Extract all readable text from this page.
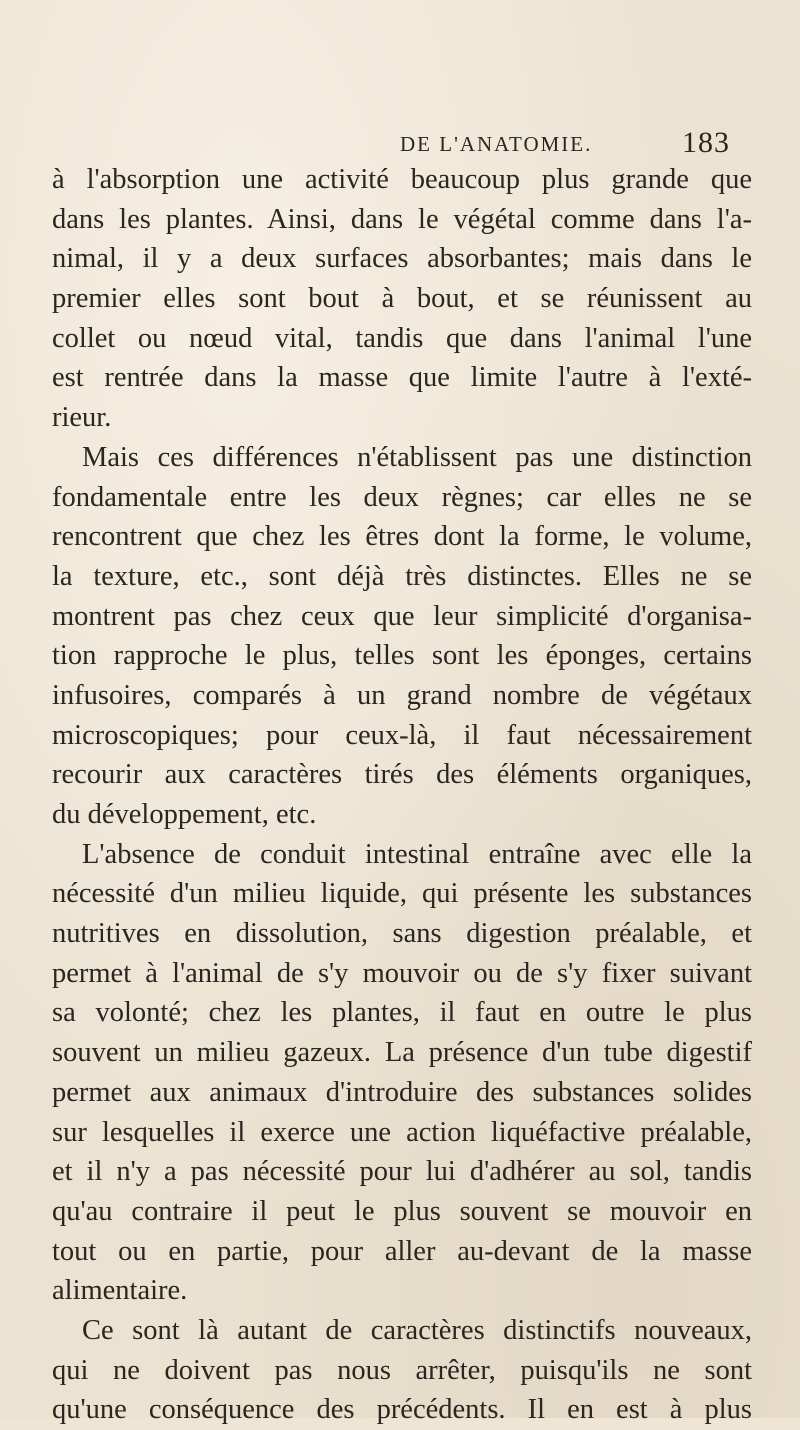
DE L'ANATOMIE.	183
à l'absorption une activité beaucoup plus grande que
dans les plantes. Ainsi, dans le végétal comme dans l'a-
nimal, il y a deux surfaces absorbantes; mais dans le
premier elles sont bout à bout, et se réunissent au
collet ou nœud vital, tandis que dans l'animal l'une
est rentrée dans la masse que limite l'autre à l'exté-
rieur.
Mais ces différences n'établissent pas une distinction
fondamentale entre les deux règnes; car elles ne se
rencontrent que chez les êtres dont la forme, le volume,
la texture, etc., sont déjà très distinctes. Elles ne se
montrent pas chez ceux que leur simplicité d'organisa-
tion rapproche le plus, telles sont les éponges, certains
infusoires, comparés à un grand nombre de végétaux
microscopiques; pour ceux-là, il faut nécessairement
recourir aux caractères tirés des éléments organiques,
du développement, etc.
L'absence de conduit intestinal entraîne avec elle la
nécessité d'un milieu liquide, qui présente les substances
nutritives en dissolution, sans digestion préalable, et
permet à l'animal de s'y mouvoir ou de s'y fixer suivant
sa volonté; chez les plantes, il faut en outre le plus
souvent un milieu gazeux. La présence d'un tube digestif
permet aux animaux d'introduire des substances solides
sur lesquelles il exerce une action liquéfactive préalable,
et il n'y a pas nécessité pour lui d'adhérer au sol, tandis
qu'au contraire il peut le plus souvent se mouvoir en
tout ou en partie, pour aller au-devant de la masse
alimentaire.
Ce sont là autant de caractères distinctifs nouveaux,
qui ne doivent pas nous arrêter, puisqu'ils ne sont
qu'une conséquence des précédents. Il en est à plus
